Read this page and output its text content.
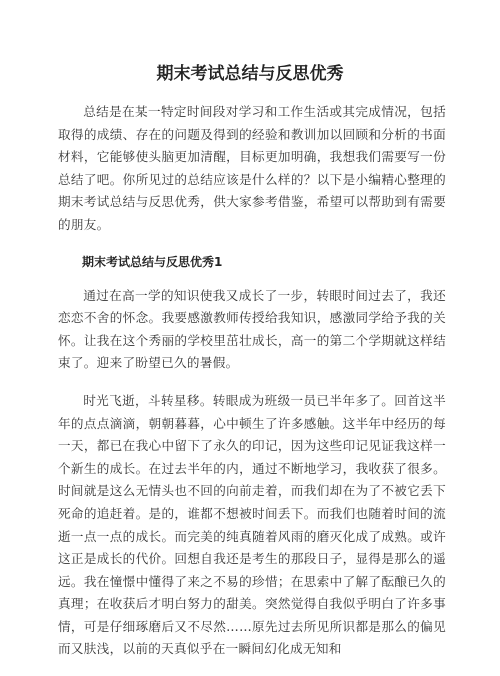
期末考试总结与反思优秀

总结是在某一特定时间段对学习和工作生活或其完成情况，包括取得的成绩、存在的问题及得到的经验和教训加以回顾和分析的书面材料，它能够使头脑更加清醒，目标更加明确，我想我们需要写一份总结了吧。你所见过的总结应该是什么样的？以下是小编精心整理的期末考试总结与反思优秀，供大家参考借鉴，希望可以帮助到有需要的朋友。

期末考试总结与反思优秀1

通过在高一学的知识使我又成长了一步，转眼时间过去了，我还恋恋不舍的怀念。我要感激教师传授给我知识，感激同学给予我的关怀。让我在这个秀丽的学校里茁壮成长，高一的第二个学期就这样结束了。迎来了盼望已久的暑假。

时光飞逝，斗转星移。转眼成为班级一员已半年多了。回首这半年的点点滴滴，朝朝暮暮，心中顿生了许多感触。这半年中经历的每一天，都已在我心中留下了永久的印记，因为这些印记见证我这样一个新生的成长。在过去半年的内，通过不断地学习，我收获了很多。时间就是这么无情头也不回的向前走着，而我们却在为了不被它丢下死命的追赶着。是的，谁都不想被时间丢下。而我们也随着时间的流逝一点一点的成长。而完美的纯真随着风雨的磨灭化成了成熟。或许这正是成长的代价。回想自我还是考生的那段日子，显得是那么的遥远。我在憧憬中懂得了来之不易的珍惜；在思索中了解了酝酿已久的真理；在收获后才明白努力的甜美。突然觉得自我似乎明白了许多事情，可是仔细琢磨后又不尽然……原先过去所见所识都是那么的偏见而又肤浅，以前的天真似乎在一瞬间幻化成无知和
